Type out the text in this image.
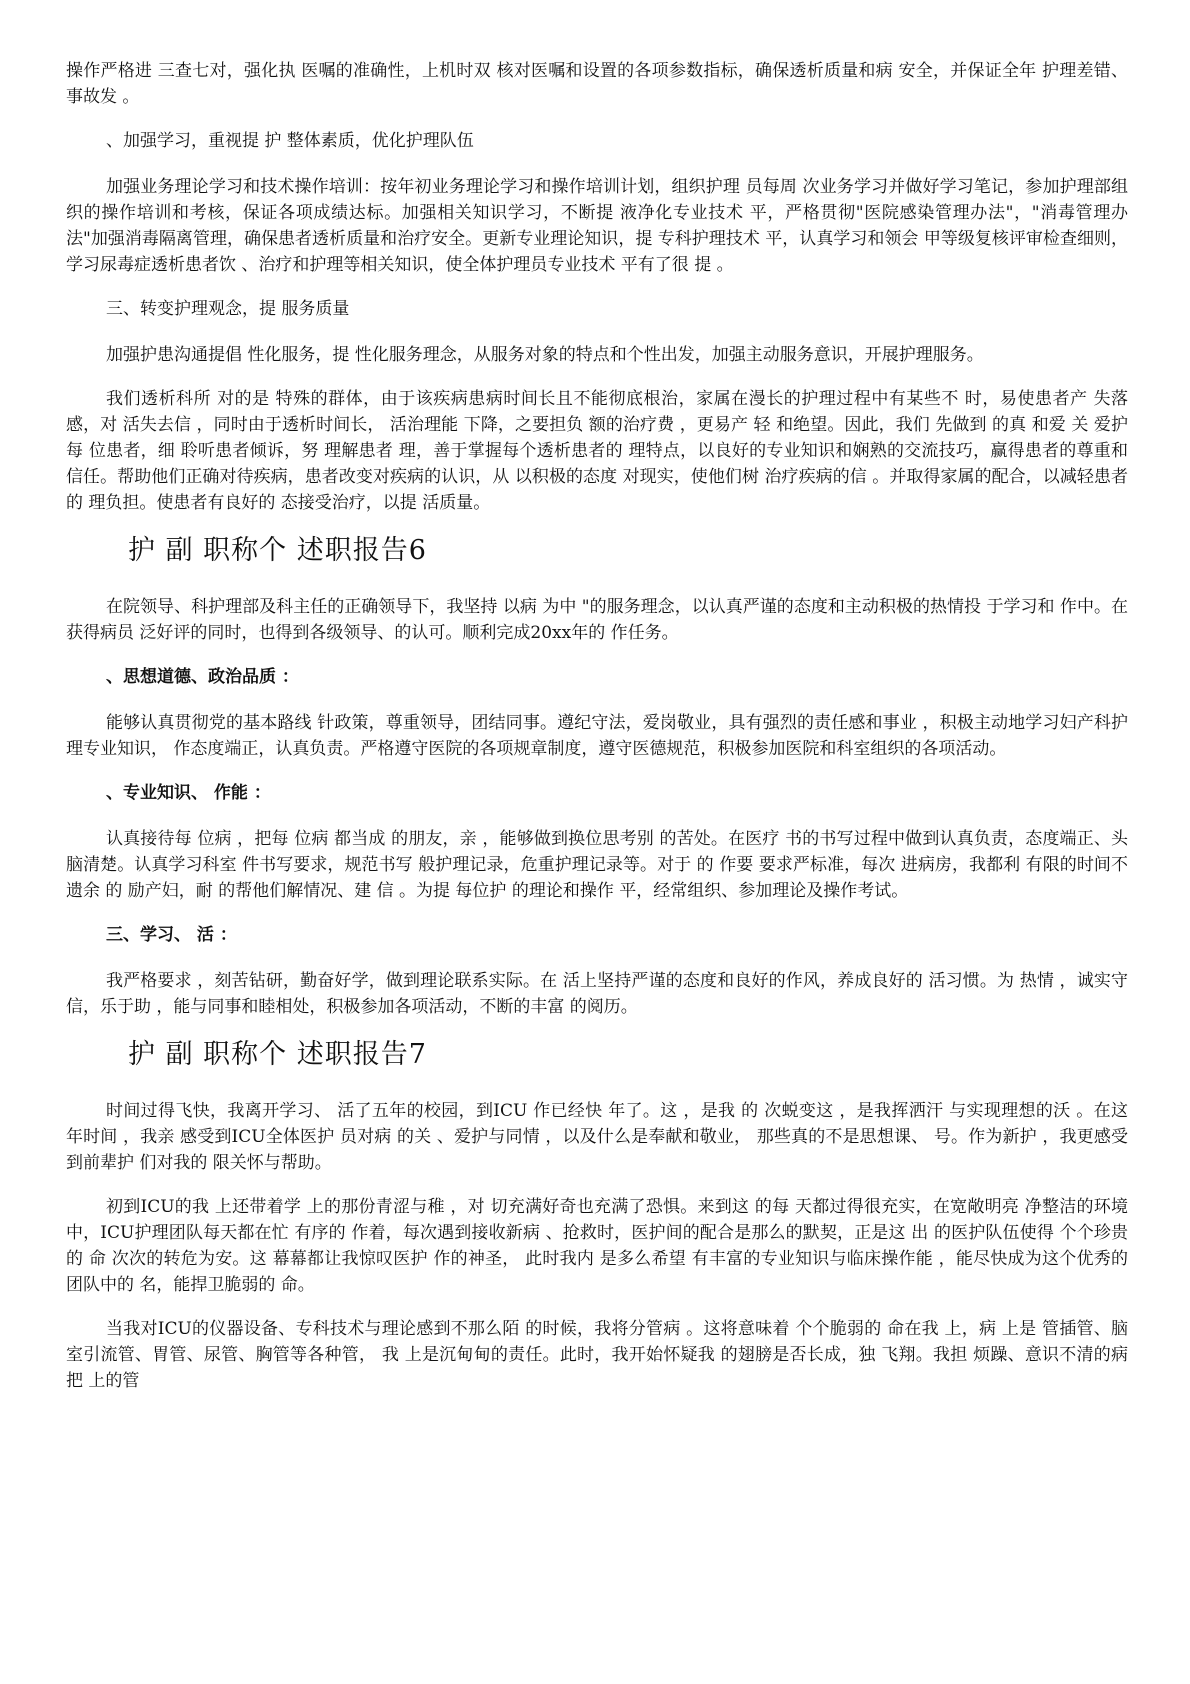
操作严格进 三查七对，强化执 医嘱的准确性，上机时双 核对医嘱和设置的各项参数指标，确保透析质量和病 安全，并保证全年 护理差错、事故发 。

、加强学习，重视提 护 整体素质，优化护理队伍

加强业务理论学习和技术操作培训：按年初业务理论学习和操作培训计划，组织护理 员每周 次业务学习并做好学习笔记，参加护理部组织的操作培训和考核，保证各项成绩达标。加强相关知识学习，不断提 液净化专业技术 平，严格贯彻"医院感染管理办法"，"消毒管理办法"加强消毒隔离管理，确保患者透析质量和治疗安全。更新专业理论知识，提 专科护理技术 平，认真学习和领会 甲等级复核评审检查细则，学习尿毒症透析患者饮 、治疗和护理等相关知识，使全体护理员专业技术 平有了很 提 。

三、转变护理观念，提 服务质量

加强护患沟通提倡 性化服务，提 性化服务理念，从服务对象的特点和个性出发，加强主动服务意识，开展护理服务。

我们透析科所 对的是 特殊的群体，由于该疾病患病时间长且不能彻底根治，家属在漫长的护理过程中有某些不 时，易使患者产 失落感，对 活失去信 ，同时由于透析时间长， 活治理能 下降，之要担负 额的治疗费 ，更易产 轻 和绝望。因此，我们 先做到 的真 和爱 关 爱护每 位患者，细 聆听患者倾诉，努 理解患者 理，善于掌握每个透析患者的 理特点，以良好的专业知识和娴熟的交流技巧，赢得患者的尊重和信任。帮助他们正确对待疾病，患者改变对疾病的认识，从 以积极的态度 对现实，使他们树 治疗疾病的信 。并取得家属的配合，以减轻患者的 理负担。使患者有良好的 态接受治疗，以提 活质量。

护 副 职称个 述职报告6

在院领导、科护理部及科主任的正确领导下，我坚持 以病 为中 "的服务理念，以认真严谨的态度和主动积极的热情投 于学习和 作中。在获得病员 泛好评的同时，也得到各级领导、的认可。顺利完成20xx年的 作任务。

、思想道德、政治品质 ：

能够认真贯彻党的基本路线 针政策，尊重领导，团结同事。遵纪守法，爱岗敬业，具有强烈的责任感和事业 ，积极主动地学习妇产科护理专业知识， 作态度端正，认真负责。严格遵守医院的各项规章制度，遵守医德规范，积极参加医院和科室组织的各项活动。

、专业知识、 作能 ：

认真接待每 位病 ，把每 位病 都当成 的朋友，亲 ，能够做到换位思考别 的苦处。在医疗 书的书写过程中做到认真负责，态度端正、头脑清楚。认真学习科室 件书写要求，规范书写 般护理记录，危重护理记录等。对于 的 作要 要求严标准，每次 进病房，我都利 有限的时间不遗余 的 励产妇，耐 的帮他们解情况、建 信 。为提 每位护 的理论和操作 平，经常组织、参加理论及操作考试。

三、学习、 活 ：

我严格要求 ，刻苦钻研，勤奋好学，做到理论联系实际。在 活上坚持严谨的态度和良好的作风，养成良好的 活习惯。为 热情 ，诚实守信，乐于助 ，能与同事和睦相处，积极参加各项活动，不断的丰富 的阅历。

护 副 职称个 述职报告7

时间过得飞快，我离开学习、 活了五年的校园，到ICU 作已经快 年了。这 ，是我 的 次蜕变这 ，是我挥洒汗 与实现理想的沃 。在这 年时间 ，我亲 感受到ICU全体医护 员对病 的关 、爱护与同情 ，以及什么是奉献和敬业， 那些真的不是思想课、 号。作为新护 ，我更感受到前辈护 们对我的 限关怀与帮助。

初到ICU的我 上还带着学 上的那份青涩与稚 ，对 切充满好奇也充满了恐惧。来到这 的每 天都过得很充实，在宽敞明亮 净整洁的环境中，ICU护理团队每天都在忙 有序的 作着，每次遇到接收新病 、抢救时，医护间的配合是那么的默契，正是这 出 的医护队伍使得 个个珍贵的 命 次次的转危为安。这 幕幕都让我惊叹医护 作的神圣， 此时我内 是多么希望 有丰富的专业知识与临床操作能 ，能尽快成为这个优秀的团队中的 名，能捍卫脆弱的 命。

当我对ICU的仪器设备、专科技术与理论感到不那么陌 的时候，我将分管病 。这将意味着 个个脆弱的 命在我 上，病 上是 管插管、脑室引流管、胃管、尿管、胸管等各种管， 我 上是沉甸甸的责任。此时，我开始怀疑我 的翅膀是否长成，独 飞翔。我担 烦躁、意识不清的病 把 上的管
